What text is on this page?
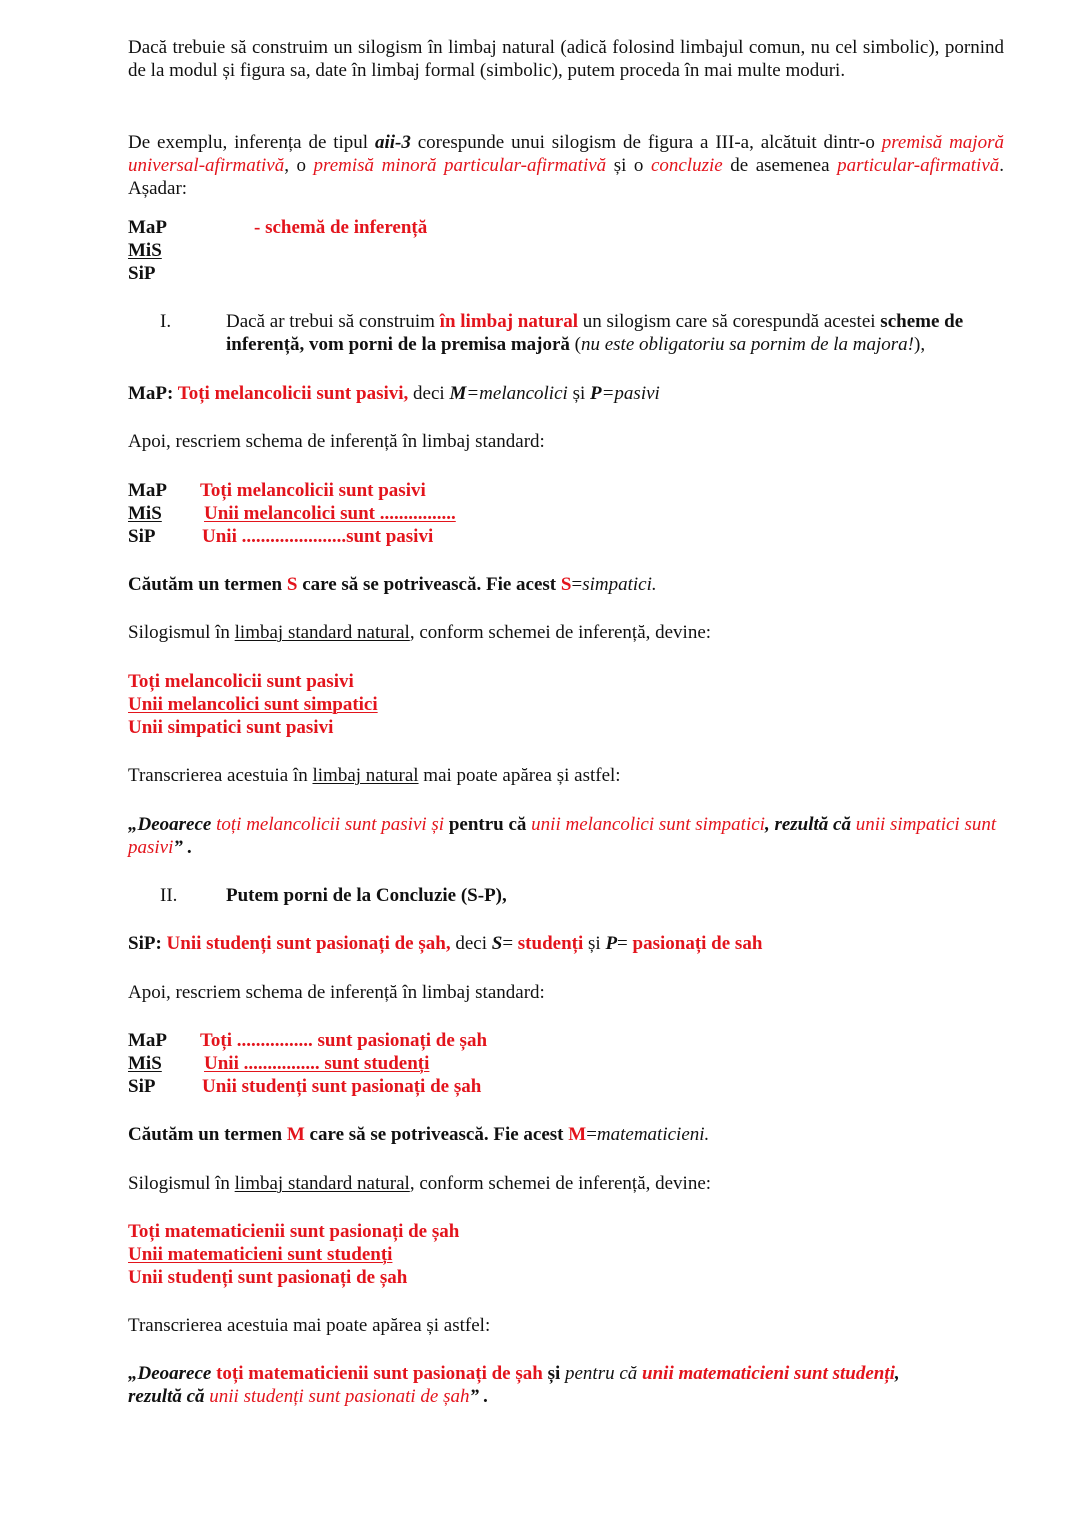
Dacă trebuie să construim un silogism în limbaj natural (adică folosind limbajul comun, nu cel simbolic), pornind de la modul și figura sa, date în limbaj formal (simbolic), putem proceda în mai multe moduri.

De exemplu, inferența de tipul aii-3 corespunde unui silogism de figura a III-a, alcătuit dintr-o premisă majoră universal-afirmativă, o premisă minoră particular-afirmativă și o concluzie de asemenea particular-afirmativă. Așadar:

MaP	- schemă de inferență
MiS
SiP
I.	Dacă ar trebui să construim în limbaj natural un silogism care să corespundă acestei scheme de inferență, vom porni de la premisa majoră (nu este obligatoriu sa pornim de la majora!),

MaP: Toți melancolicii sunt pasivi, deci M=melancolici și P=pasivi

Apoi, rescriem schema de inferență în limbaj standard:

MaP	Toți melancolicii sunt pasivi
MiS	Unii melancolici sunt ................
SiP	Unii ......................sunt pasivi

Căutăm un termen S care să se potrivească. Fie acest S=simpatici.

Silogismul în limbaj standard natural, conform schemei de inferență, devine:

Toți melancolicii sunt pasivi
Unii melancolici sunt simpatici
Unii simpatici sunt pasivi

Transcrierea acestuia în limbaj natural mai poate apărea și astfel:

„Deoarece toți melancolicii sunt pasivi și pentru că unii melancolici sunt simpatici, rezultă că unii simpatici sunt pasivi” .

II.	Putem porni de la Concluzie (S-P),

SiP: Unii studenți sunt pasionați de șah, deci S= studenți și P= pasionați de sah

Apoi, rescriem schema de inferență în limbaj standard:

MaP	Toți ................ sunt pasionați de șah
MiS	Unii ................ sunt studenți
SiP	Unii studenți sunt pasionați de șah

Căutăm un termen M care să se potrivească. Fie acest M=matematicieni.

Silogismul în limbaj standard natural, conform schemei de inferență, devine:

Toți matematicienii sunt pasionați de șah
Unii matematicieni sunt studenți
Unii studenți sunt pasionați de șah

Transcrierea acestuia mai poate apărea și astfel:

„Deoarece toți matematicienii sunt pasionați de șah și pentru că unii matematicieni sunt studenți,
rezultă că unii studenți sunt pasionati de șah” .
